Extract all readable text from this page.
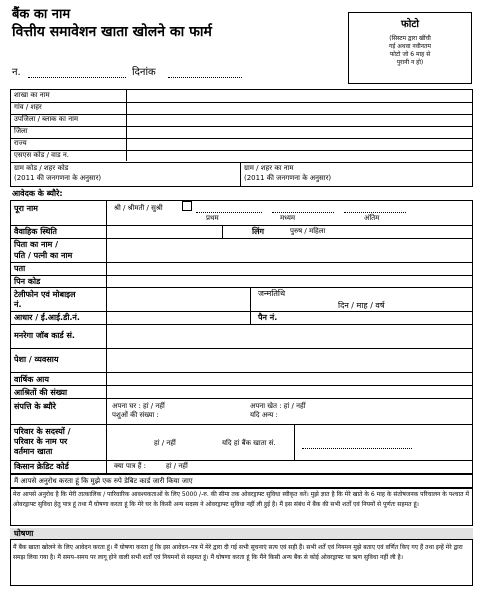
बैंक का नाम
वित्तीय समावेशन खाता खोलने का फार्म
न.	दिनांक
फोटो
(सिस्टम द्वारा खींची
गई अथवा नवीनतम
फोटो जो 6 माह से
पुरानी न हो)
शाखा का नाम
गांव / शहर
उपजिला / ब्लाक का नाम
जिला
राज्य
एसएस कोड / वाड न.
ग्राम कोड / शहर कोड
(2011 की जनगणना के अनुसार)
ग्राम / शहर का नाम
(2011 की जनगणना के अनुसार)
आवेदक के ब्यौरे:
पूरा नाम	श्री / श्रीमती / सुश्री
प्रथम	मध्यम	अंतिम
वैवाहिक स्थिति	लिंग	पुरुष / महिला
पिता का नाम /
पति / पत्नी का नाम
पता
पिन कोड
टेलीफोन एवं मोबाइल
नं.
जन्मतिथि
दिन / माह / वर्ष
आधार / ई.आई.डी.नं.	पैन नं.
मनरेगा जॉब कार्ड सं.
पेशा / व्यवसाय
वार्षिक आय
आश्रितों की संख्या
संपत्ति के ब्यौरे	अपना घर : हां / नहीं
पशुओं की संख्या :
अपना खेत : हां / नहीं
यदि अन्य :
परिवार के सदस्यों /
परिवार के नाम पर
वर्तमान खाता
हां / नहीं	यदि हां बैंक खाता सं.
किसान क्रेडिट कोर्ड	क्या पात्र हैं :	हां / नहीं
मैं आपसे अनुरोध करता हूं कि मुझे एक रुपे डेबिट कार्ड जारी किया जाए
मेरा आपसे अनुरोध है कि मेरी तात्कालिक / पारिवारिक आवश्यकताओं के लिए 5000 /-रु. की सीमा तक ओवरड्राफ्ट सुविधा स्वीकृत करें। मुझे ज्ञात है कि मेरे खाते के 6 माह के संतोषजनक परिचालन के पश्चात में ओवरड्राफ्ट सुविधा हेतु पात्र हूं तथा मैं घोषणा करता हूं कि मेरे घर के किसी अन्य सदस्य ने ओवरड्राफ्ट सुविधा नहीं ली हुई है। मैं इस संबंध में बैंक की सभी शर्तों एवं नियमों से पूर्णतः सहमत हूं।
घोषणा
मैं बैंक खाता खोलने के लिए आवेदन करता हूं। मैं घोषणा करता हूं कि इस आवेदन–पत्र में मेरे द्वारा दी गई सभी सूचनाएं सत्य एवं सही हैं। सभी शर्तें एवं नियमन मुझे बताए एवं वर्णित किए गए हैं तथा इन्हें मेरे द्वारा समझ लिया गया है। मैं समय–समय पर लागू होने वाली सभी शर्तों एवं नियमनों से सहमत हूं। मैं घोषणा करता हूं कि मैंने किसी अन्य बैंक से कोई ओवरड्राफ्ट या ऋण सुविधा नहीं ली है।
